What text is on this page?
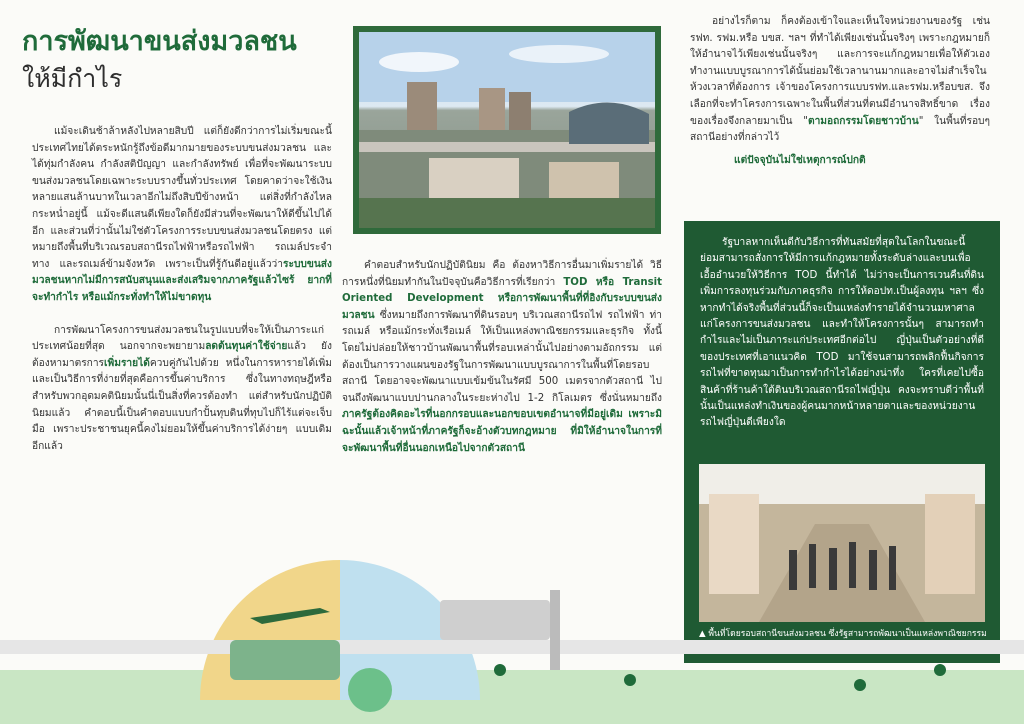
การพัฒนาขนส่งมวลชน
ให้มีกำไร

แม้จะเดินช้าล้าหลังไปหลายสิบปี แต่ก็ยังดีกว่าการไม่เริ่มขณะนี้ประเทศไทยได้ตระหนักรู้ถึงข้อดีมากมายของระบบขนส่งมวลชน และได้ทุ่มกำลังคน กำลังสติปัญญา และกำลังทรัพย์ เพื่อที่จะพัฒนาระบบขนส่งมวลชนโดยเฉพาะระบบรางขึ้นทั่วประเทศ โดยคาดว่าจะใช้เงินหลายแสนล้านบาทในเวลาอีกไม่ถึงสิบปีข้างหน้า แต่สิ่งที่กำลังไหลกระหน่ำอยู่นี้ แม้จะดีแสนดีเพียงใดก็ยังมีส่วนที่จะพัฒนาให้ดีขึ้นไปได้อีก และส่วนที่ว่านั้นไม่ใช่ตัวโครงการระบบขนส่งมวลชนโดยตรง แต่หมายถึงพื้นที่บริเวณรอบสถานีรถไฟฟ้าหรือรถไฟฟ้า รถเมล์ประจำทาง และรถเมล์ข้ามจังหวัด เพราะเป็นที่รู้กันดีอยู่แล้วว่าระบบขนส่งมวลชนหากไม่มีการสนับสนุนและส่งเสริมจากภาครัฐแล้วไซร้ ยากที่จะทำกำไร หรือแม้กระทั่งทำให้ไม่ขาดทุน

การพัฒนาโครงการขนส่งมวลชนในรูปแบบที่จะให้เป็นภาระแก่ประเทศน้อยที่สุด นอกจากจะพยายามลดต้นทุนค่าใช้จ่ายแล้ว ยังต้องหามาตรการเพิ่มรายได้ควบคู่กันไปด้วย หนึ่งในการหารายได้เพิ่มและเป็นวิธีการที่ง่ายที่สุดคือการขึ้นค่าบริการ ซึ่งในทางทฤษฎีหรือสำหรับพวกอุดมคตินิยมนั้นนี่เป็นสิ่งที่ควรต้องทำ แต่สำหรับนักปฏิบัตินิยมแล้ว คำตอบนี้เป็นคำตอบแบบกำปั้นทุบดินที่ทุบไปก็ไร้แต่จะเจ็บมือ เพราะประชาชนยุคนี้คงไม่ยอมให้ขึ้นค่าบริการได้ง่ายๆ แบบเดิมอีกแล้ว

คำตอบสำหรับนักปฏิบัตินิยม คือ ต้องหาวิธีการอื่นมาเพิ่มรายได้ วิธีการหนึ่งที่นิยมทำกันในปัจจุบันคือวิธีการที่เรียกว่า TOD หรือ Transit Oriented Development หรือการพัฒนาพื้นที่ที่อิงกับระบบขนส่งมวลชน ซึ่งหมายถึงการพัฒนาที่ดินรอบๆ บริเวณสถานีรถไฟ รถไฟฟ้า ท่ารถเมล์ หรือแม้กระทั่งเรือเมล์ ให้เป็นแหล่งพาณิชยกรรมและธุรกิจ ทั้งนี้โดยไม่ปล่อยให้ชาวบ้านพัฒนาพื้นที่รอบเหล่านั้นไปอย่างตามอัถกรรม แต่ต้องเป็นการวางแผนของรัฐในการพัฒนาแบบบูรณาการในพื้นที่โดยรอบสถานี โดยอาจจะพัฒนาแบบเข้มข้นในรัศมี 500 เมตรจากตัวสถานี ไปจนถึงพัฒนาแบบปานกลางในระยะห่างไป 1-2 กิโลเมตร ซึ่งนั่นหมายถึงภาครัฐต้องคิดอะไรที่นอกกรอบและนอกขอบเขตอำนาจที่มีอยู่เดิม เพราะมิฉะนั้นแล้วเจ้าหน้าที่ภาครัฐก็จะอ้างตัวบทกฎหมาย ที่มิให้อำนาจในการที่จะพัฒนาพื้นที่อื่นนอกเหนือไปจากตัวสถานี

อย่างไรก็ตาม ก็คงต้องเข้าใจและเห็นใจหน่วยงานของรัฐ เช่น รฟท. รฟม.หรือ บขส. ฯลฯ ที่ทำได้เพียงเช่นนั้นจริงๆ เพราะกฎหมายก็ให้อำนาจไว้เพียงเช่นนั้นจริงๆ และการจะแก้กฎหมายเพื่อให้ตัวเองทำงานแบบบูรณาการได้นั้นย่อมใช้เวลานานมากและอาจไม่สำเร็จในห้วงเวลาที่ต้องการ เจ้าของโครงการแบบรฟท.และรฟม.หรือบขส. จึงเลือกที่จะทำโครงการเฉพาะในพื้นที่ส่วนที่ตนมีอำนาจสิทธิ์ขาด เรื่องของเรื่องจึงกลายมาเป็น "ตามอถกรรมโดยชาวบ้าน" ในพื้นที่รอบๆ สถานีอย่างที่กล่าวไว้

แต่ปัจจุบันไม่ใช่เหตุการณ์ปกติ

รัฐบาลหากเห็นดีกับวิธีการที่ทันสมัยที่สุดในโลกในขณะนี้ ย่อมสามารถสั่งการให้มีการแก้กฎหมายทั้งระดับล่างและบนเพื่อเอื้ออำนวยให้วิธีการ TOD นี้ทำได้ ไม่ว่าจะเป็นการเวนคืนที่ดิน เพิ่มการลงทุนร่วมกับภาคธุรกิจ การให้ดอปท.เป็นผู้ลงทุน ฯลฯ ซึ่งหากทำได้จริงพื้นที่ส่วนนี้ก็จะเป็นแหล่งทำรายได้จำนวนมหาศาลแก่โครงการขนส่งมวลชน และทำให้โครงการนั้นๆ สามารถทำกำไรและไม่เป็นภาระแก่ประเทศอีกต่อไป ญี่ปุ่นเป็นตัวอย่างที่ดีของประเทศที่เอาแนวคิด TOD มาใช้จนสามารถพลิกฟื้นกิจการรถไฟที่ขาดทุนมาเป็นการทำกำไรได้อย่างน่าทึ่ง ใครที่เคยไปซื้อสินค้าที่ร้านค้าใต้ดินบริเวณสถานีรถไฟญี่ปุ่น คงจะทราบดีว่าพื้นที่นั้นเป็นแหล่งทำเงินของผู้คนมากหน้าหลายตาและของหน่วยงานรถไฟญี่ปุ่นดีเพียงใด

▲ พื้นที่โดยรอบสถานีขนส่งมวลชน ซึ่งรัฐสามารถพัฒนาเป็นแหล่งพาณิชยกรรม
